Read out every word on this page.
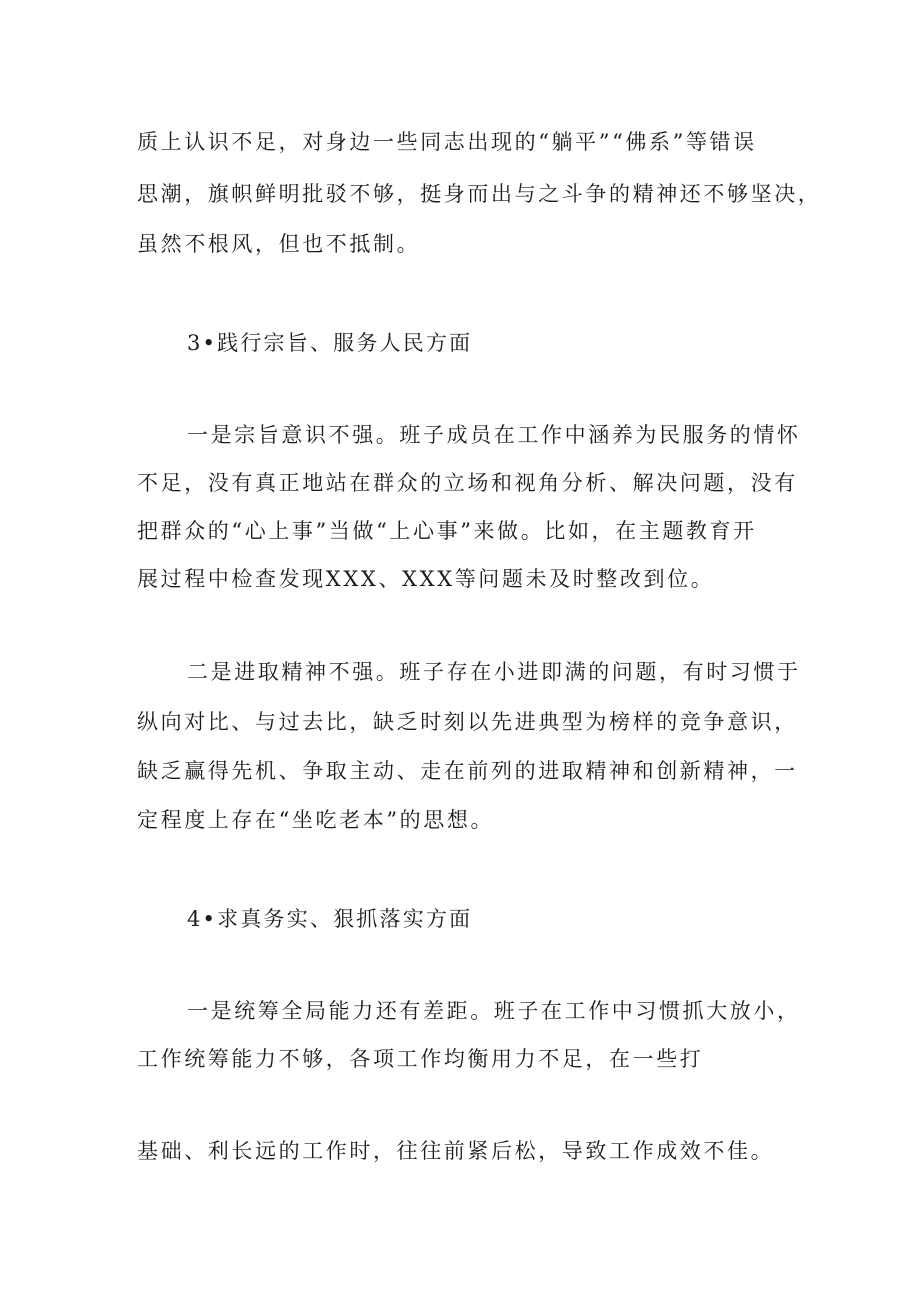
质上认识不足，对身边一些同志出现的“躺平”“佛系”等错误
思潮，旗帜鲜明批驳不够，挺身而出与之斗争的精神还不够坚决，
虽然不根风，但也不抵制。
3•践行宗旨、服务人民方面
一是宗旨意识不强。班子成员在工作中涵养为民服务的情怀
不足，没有真正地站在群众的立场和视角分析、解决问题，没有
把群众的“心上事”当做“上心事”来做。比如，在主题教育开
展过程中检查发现XXX、XXX等问题未及时整改到位。
二是进取精神不强。班子存在小进即满的问题，有时习惯于
纵向对比、与过去比，缺乏时刻以先进典型为榜样的竞争意识，
缺乏赢得先机、争取主动、走在前列的进取精神和创新精神，一
定程度上存在“坐吃老本”的思想。
4•求真务实、狠抓落实方面
一是统筹全局能力还有差距。班子在工作中习惯抓大放小，
工作统筹能力不够，各项工作均衡用力不足，在一些打
基础、利长远的工作时，往往前紧后松，导致工作成效不佳。
